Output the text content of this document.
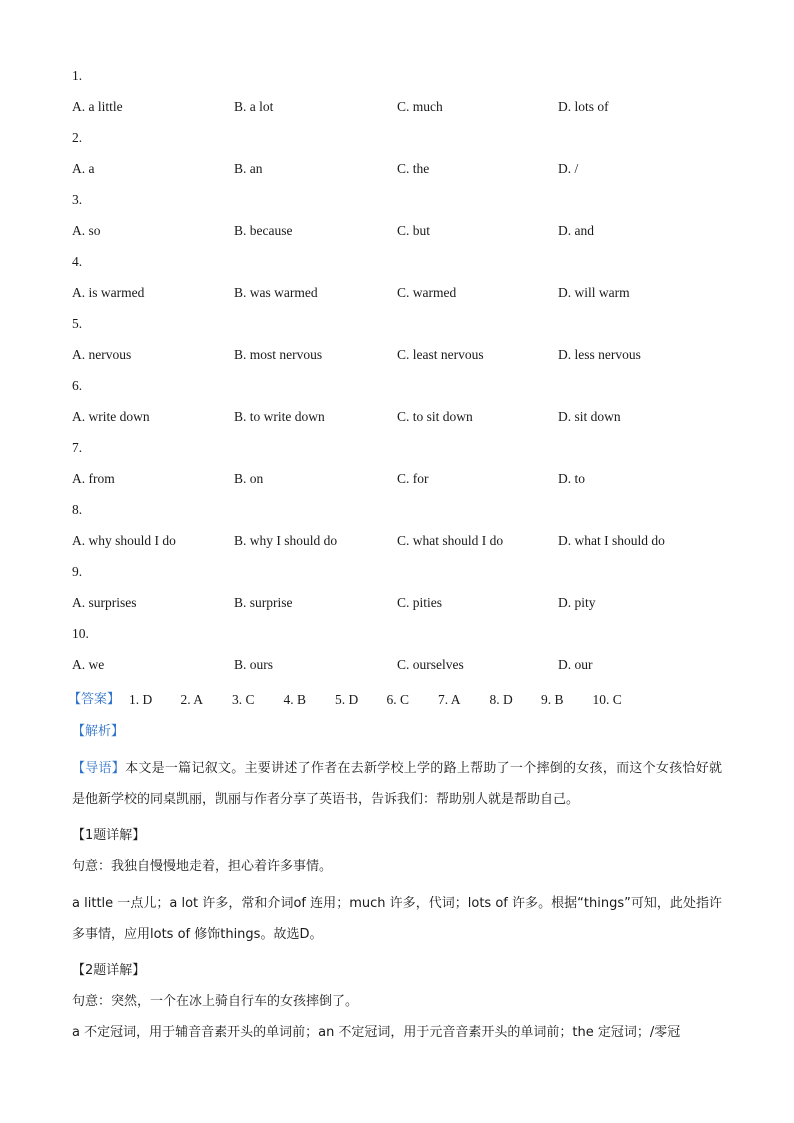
1.
A. a little	B. a lot	C. much	D. lots of
2.
A. a	B. an	C. the	D. /
3.
A. so	B. because	C. but	D. and
4.
A. is warmed	B. was warmed	C. warmed	D. will warm
5.
A. nervous	B. most nervous	C. least nervous	D. less nervous
6.
A. write down	B. to write down	C. to sit down	D. sit down
7.
A. from	B. on	C. for	D. to
8.
A. why should I do	B. why I should do	C. what should I do	D. what I should do
9.
A. surprises	B. surprise	C. pities	D. pity
10.
A. we	B. ours	C. ourselves	D. our
【答案】 1. D 2. A 3. C 4. B 5. D 6. C 7. A 8. D 9. B 10. C
【解析】
【导语】本文是一篇记叙文。主要讲述了作者在去新学校上学的路上帮助了一个摔倒的女孩，而这个女孩恰好就是他新学校的同桌凯丽，凯丽与作者分享了英语书，告诉我们：帮助别人就是帮助自己。
【1题详解】
句意：我独自慢慢地走着，担心着许多事情。
a little 一点儿；a lot 许多，常和介词of 连用；much 许多，代词；lots of 许多。根据“things”可知，此处指许多事情，应用lots of 修饰things。故选D。
【2题详解】
句意：突然，一个在冰上骑自行车的女孩摔倒了。
a 不定冠词，用于辅音音素开头的单词前；an 不定冠词，用于元音音素开头的单词前；the 定冠词；/零冠
